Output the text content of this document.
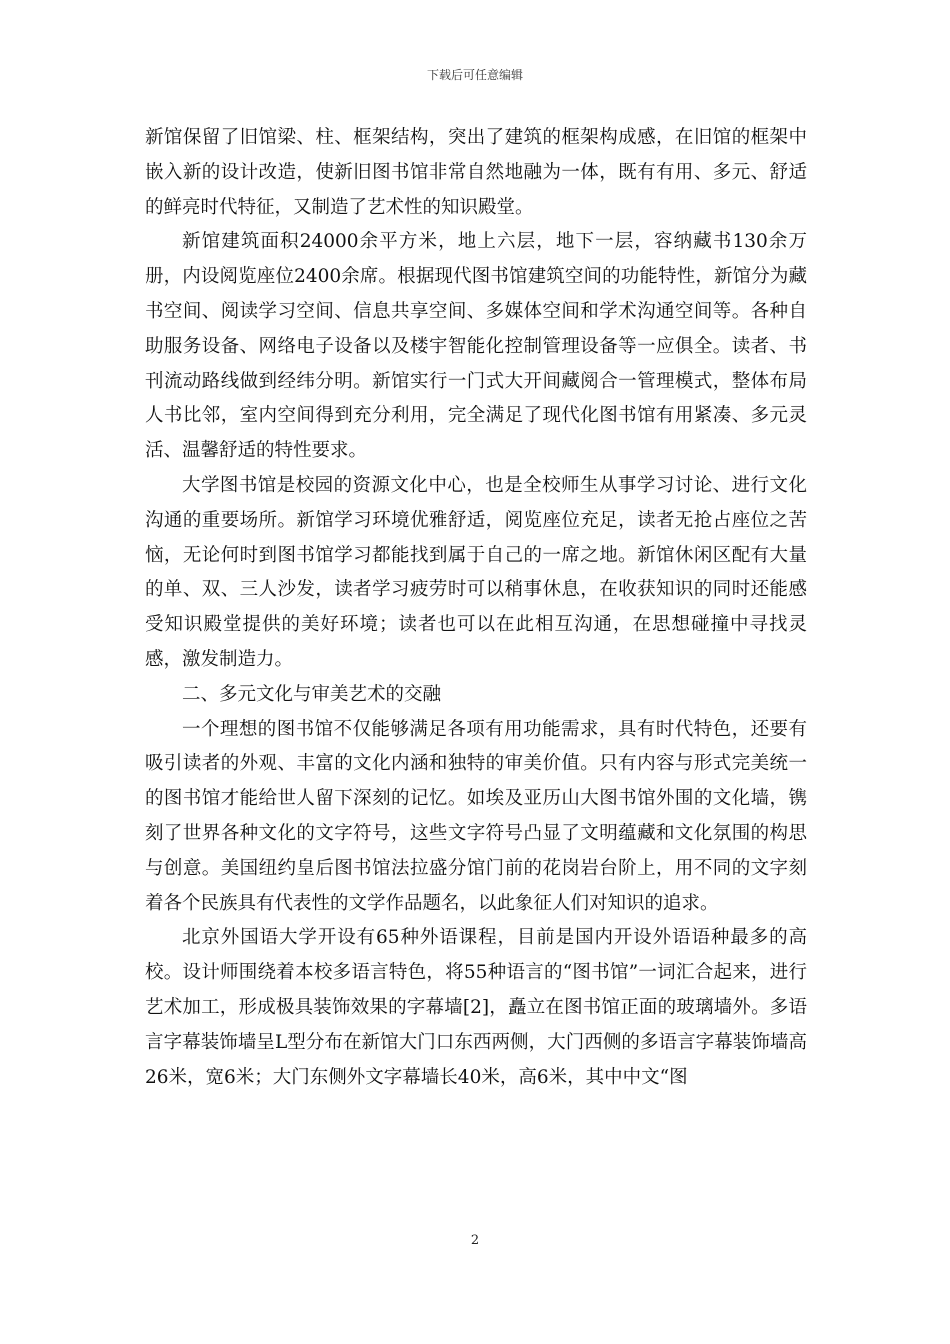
下载后可任意编辑

新馆保留了旧馆梁、柱、框架结构，突出了建筑的框架构成感，在旧馆的框架中嵌入新的设计改造，使新旧图书馆非常自然地融为一体，既有有用、多元、舒适的鲜亮时代特征，又制造了艺术性的知识殿堂。

新馆建筑面积24000余平方米，地上六层，地下一层，容纳藏书130余万册，内设阅览座位2400余席。根据现代图书馆建筑空间的功能特性，新馆分为藏书空间、阅读学习空间、信息共享空间、多媒体空间和学术沟通空间等。各种自助服务设备、网络电子设备以及楼宇智能化控制管理设备等一应俱全。读者、书刊流动路线做到经纬分明。新馆实行一门式大开间藏阅合一管理模式，整体布局人书比邻，室内空间得到充分利用，完全满足了现代化图书馆有用紧凑、多元灵活、温馨舒适的特性要求。

大学图书馆是校园的资源文化中心，也是全校师生从事学习讨论、进行文化沟通的重要场所。新馆学习环境优雅舒适，阅览座位充足，读者无抢占座位之苦恼，无论何时到图书馆学习都能找到属于自己的一席之地。新馆休闲区配有大量的单、双、三人沙发，读者学习疲劳时可以稍事休息，在收获知识的同时还能感受知识殿堂提供的美好环境；读者也可以在此相互沟通，在思想碰撞中寻找灵感，激发制造力。

二、多元文化与审美艺术的交融

一个理想的图书馆不仅能够满足各项有用功能需求，具有时代特色，还要有吸引读者的外观、丰富的文化内涵和独特的审美价值。只有内容与形式完美统一的图书馆才能给世人留下深刻的记忆。如埃及亚历山大图书馆外围的文化墙，镌刻了世界各种文化的文字符号，这些文字符号凸显了文明蕴藏和文化氛围的构思与创意。美国纽约皇后图书馆法拉盛分馆门前的花岗岩台阶上，用不同的文字刻着各个民族具有代表性的文学作品题名，以此象征人们对知识的追求。

北京外国语大学开设有65种外语课程，目前是国内开设外语语种最多的高校。设计师围绕着本校多语言特色，将55种语言的“图书馆”一词汇合起来，进行艺术加工，形成极具装饰效果的字幕墙[2]，矗立在图书馆正面的玻璃墙外。多语言字幕装饰墙呈L型分布在新馆大门口东西两侧，大门西侧的多语言字幕装饰墙高26米，宽6米；大门东侧外文字幕墙长40米，高6米，其中中文“图

2
